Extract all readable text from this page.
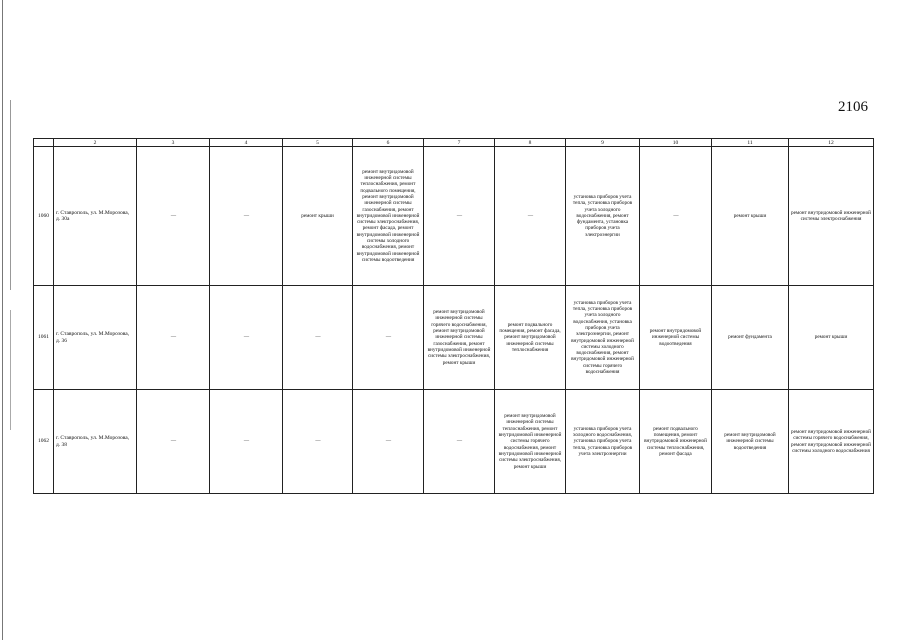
2106
	2	3	4	5	6	7	8	9	10	11	12
1060	г. Ставрополь, ул. М.Морозова, д. 30а	—	—	ремонт крыши	ремонт внутридомовой инженерной системы теплоснабжения, ремонт подвального помещения, ремонт внутридомовой инженерной системы газоснабжения, ремонт внутридомовой инженерной системы электроснабжения, ремонт фасада, ремонт внутридомовой инженерной системы холодного водоснабжения, ремонт внутридомовой инженерной системы водоотведения	—	—	установка приборов учета тепла, установка приборов учета холодного водоснабжения, ремонт фундамента, установка приборов учета электроэнергии	—	ремонт крыши	ремонт внутридомовой инженерной системы электроснабжения
1061	г. Ставрополь, ул. М.Морозова, д. 36	—	—	—	—	ремонт внутридомовой инженерной системы горячего водоснабжения, ремонт внутридомовой инженерной системы газоснабжения, ремонт внутридомовой инженерной системы электроснабжения, ремонт крыши	ремонт подвального помещения, ремонт фасада, ремонт внутридомовой инженерной системы теплоснабжения	установка приборов учета тепла, установка приборов учета холодного водоснабжения, установка приборов учета электроэнергии, ремонт внутридомовой инженерной системы холодного водоснабжения, ремонт внутридомовой инженерной системы горячего водоснабжения	ремонт внутридомовой инженерной системы водоотведения	ремонт фундамента	ремонт крыши
1062	г. Ставрополь, ул. М.Морозова, д. 38	—	—	—	—	—	ремонт внутридомовой инженерной системы теплоснабжения, ремонт внутридомовой инженерной системы горячего водоснабжения, ремонт внутридомовой инженерной системы электроснабжения, ремонт крыши	установка приборов учета холодного водоснабжения, установка приборов учета тепла, установка приборов учета электроэнергии	ремонт подвального помещения, ремонт внутридомовой инженерной системы теплоснабжения, ремонт фасада	ремонт внутридомовой инженерной системы водоотведения	ремонт внутридомовой инженерной системы горячего водоснабжения, ремонт внутридомовой инженерной системы холодного водоснабжения
